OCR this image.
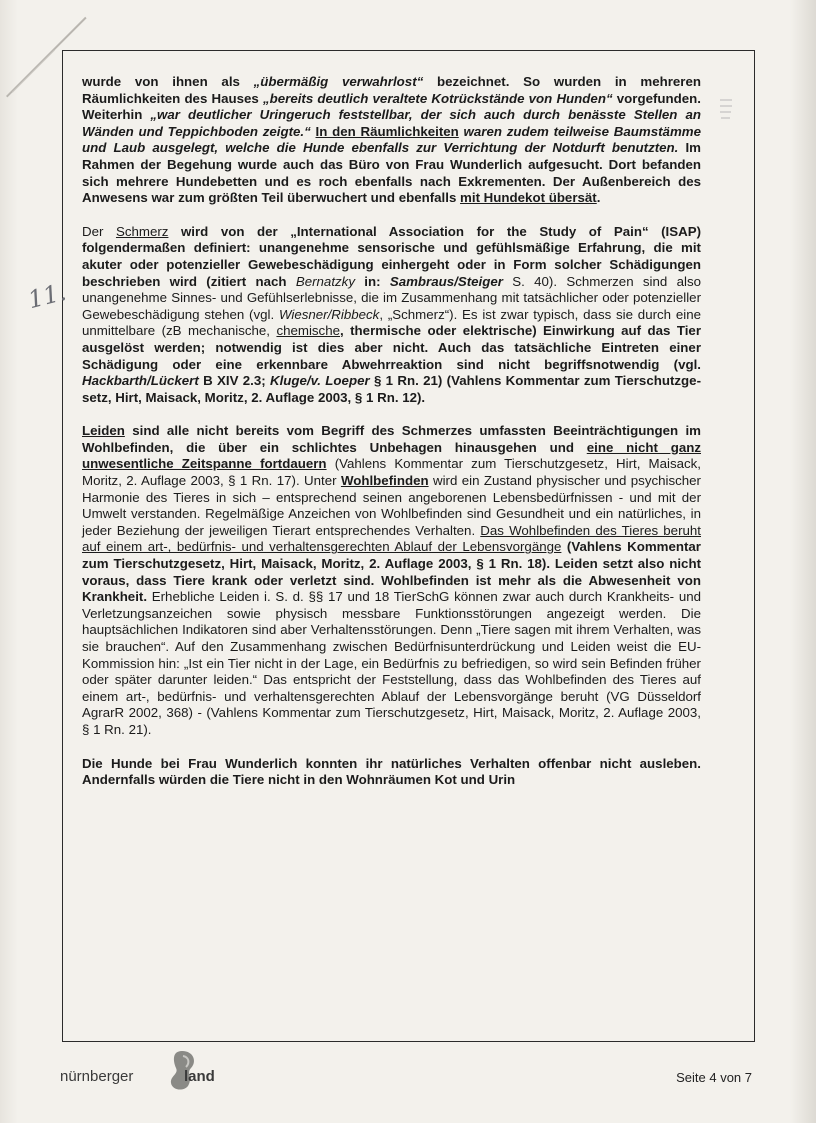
11.

wurde von ihnen als „übermäßig verwahrlost“ bezeichnet. So wurden in mehreren Räumlichkeiten des Hauses „bereits deutlich veraltete Kotrückstände von Hunden“ vorgefunden. Weiterhin „war deutlicher Uringeruch feststellbar, der sich auch durch benässte Stellen an Wänden und Teppichboden zeigte.“ In den Räumlichkeiten waren zudem teilweise Baumstämme und Laub ausgelegt, welche die Hunde ebenfalls zur Verrichtung der Notdurft benutzten. Im Rahmen der Begehung wurde auch das Büro von Frau Wunderlich aufgesucht. Dort befanden sich mehrere Hundebetten und es roch ebenfalls nach Exkrementen. Der Außenbereich des Anwesens war zum größten Teil überwuchert und ebenfalls mit Hundekot übersät.

Der Schmerz wird von der „International Association for the Study of Pain“ (ISAP) folgendermaßen definiert: unangenehme sensorische und gefühlsmäßige Erfahrung, die mit akuter oder potenzieller Gewebeschädigung einhergeht oder in Form solcher Schädigungen beschrieben wird (zitiert nach Bernatzky in: Sambraus/Steiger S. 40). Schmerzen sind also unangenehme Sinnes- und Gefühlserlebnisse, die im Zusammenhang mit tatsächlicher oder potenzieller Gewebeschädigung stehen (vgl. Wiesner/Ribbeck, „Schmerz“). Es ist zwar typisch, dass sie durch eine unmittelbare (zB mechanische, chemische, thermische oder elektrische) Einwirkung auf das Tier ausgelöst werden; notwendig ist dies aber nicht. Auch das tatsächliche Eintreten einer Schädigung oder eine erkennbare Abwehrreaktion sind nicht begriffsnotwendig (vgl. Hackbarth/Lückert B XIV 2.3; Kluge/v. Loeper § 1 Rn. 21) (Vahlens Kommentar zum Tierschutzgesetz, Hirt, Maisack, Moritz, 2. Auflage 2003, § 1 Rn. 12).

Leiden sind alle nicht bereits vom Begriff des Schmerzes umfassten Beeinträchtigungen im Wohlbefinden, die über ein schlichtes Unbehagen hinausgehen und eine nicht ganz unwesentliche Zeitspanne fortdauern (Vahlens Kommentar zum Tierschutzgesetz, Hirt, Maisack, Moritz, 2. Auflage 2003, § 1 Rn. 17). Unter Wohlbefinden wird ein Zustand physischer und psychischer Harmonie des Tieres in sich – entsprechend seinen angeborenen Lebensbedürfnissen - und mit der Umwelt verstanden. Regelmäßige Anzeichen von Wohlbefinden sind Gesundheit und ein natürliches, in jeder Beziehung der jeweiligen Tierart entsprechendes Verhalten. Das Wohlbefinden des Tieres beruht auf einem art-, bedürfnis- und verhaltensgerechten Ablauf der Lebensvorgänge (Vahlens Kommentar zum Tierschutzgesetz, Hirt, Maisack, Moritz, 2. Auflage 2003, § 1 Rn. 18). Leiden setzt also nicht voraus, dass Tiere krank oder verletzt sind. Wohlbefinden ist mehr als die Abwesenheit von Krankheit. Erhebliche Leiden i. S. d. §§ 17 und 18 TierSchG können zwar auch durch Krankheits- und Verletzungsanzeichen sowie physisch messbare Funktionsstörungen angezeigt werden. Die hauptsächlichen Indikatoren sind aber Verhaltensstörungen. Denn „Tiere sagen mit ihrem Verhalten, was sie brauchen“. Auf den Zusammenhang zwischen Bedürfnisunterdrückung und Leiden weist die EU-Kommission hin: „Ist ein Tier nicht in der Lage, ein Bedürfnis zu befriedigen, so wird sein Befinden früher oder später darunter leiden.“ Das entspricht der Feststellung, dass das Wohlbefinden des Tieres auf einem art-, bedürfnis- und verhaltensgerechten Ablauf der Lebensvorgänge beruht (VG Düsseldorf AgrarR 2002, 368) - (Vahlens Kommentar zum Tierschutzgesetz, Hirt, Maisack, Moritz, 2. Auflage 2003, § 1 Rn. 21).

Die Hunde bei Frau Wunderlich konnten ihr natürliches Verhalten offenbar nicht ausleben. Andernfalls würden die Tiere nicht in den Wohnräumen Kot und Urin

nürnberger	land	Seite 4 von 7
